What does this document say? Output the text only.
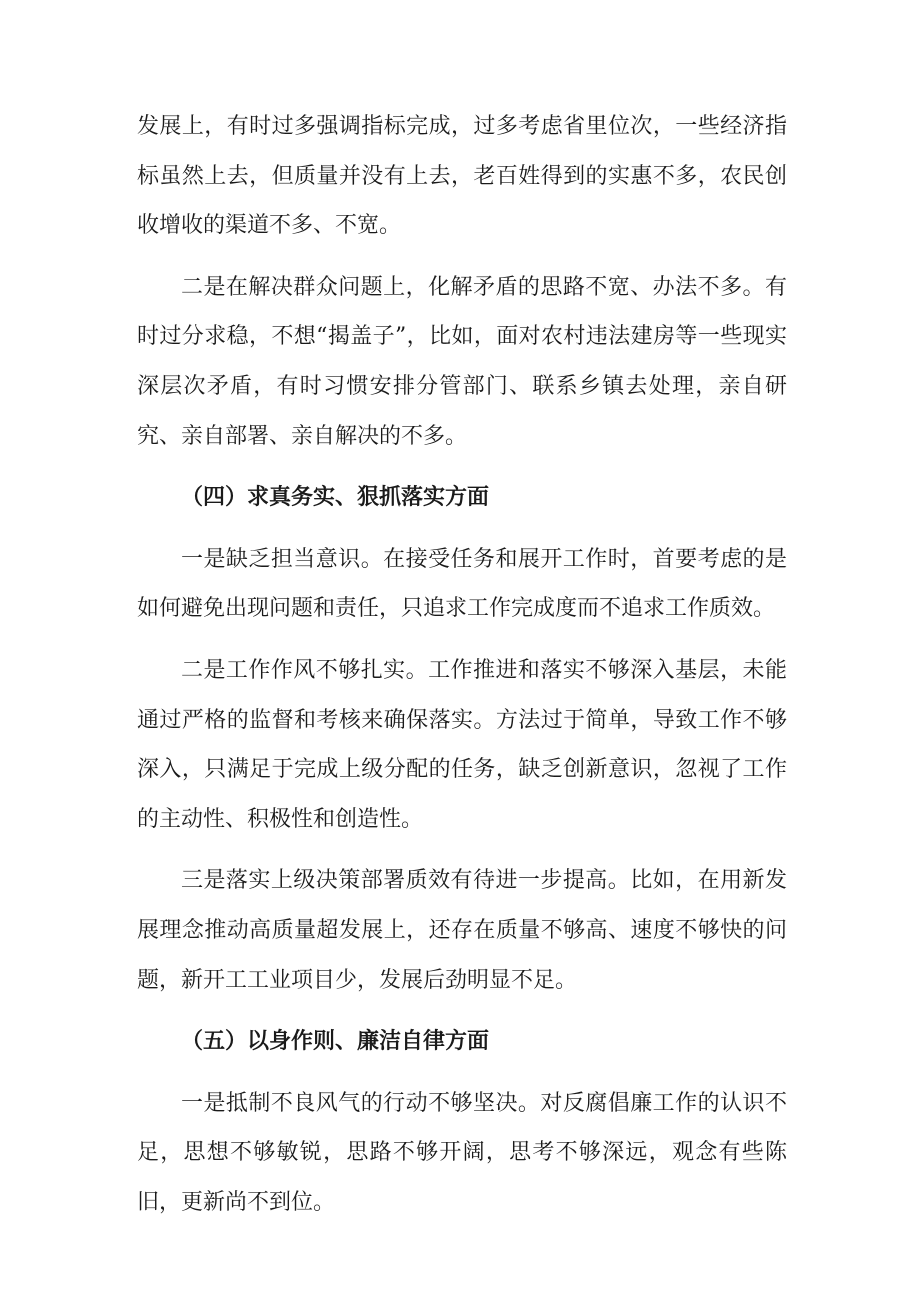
发展上，有时过多强调指标完成，过多考虑省里位次，一些经济指标虽然上去，但质量并没有上去，老百姓得到的实惠不多，农民创收增收的渠道不多、不宽。

二是在解决群众问题上，化解矛盾的思路不宽、办法不多。有时过分求稳，不想“揭盖子”，比如，面对农村违法建房等一些现实深层次矛盾，有时习惯安排分管部门、联系乡镇去处理，亲自研究、亲自部署、亲自解决的不多。

（四）求真务实、狠抓落实方面

一是缺乏担当意识。在接受任务和展开工作时，首要考虑的是如何避免出现问题和责任，只追求工作完成度而不追求工作质效。

二是工作作风不够扎实。工作推进和落实不够深入基层，未能通过严格的监督和考核来确保落实。方法过于简单，导致工作不够深入，只满足于完成上级分配的任务，缺乏创新意识，忽视了工作的主动性、积极性和创造性。

三是落实上级决策部署质效有待进一步提高。比如，在用新发展理念推动高质量超发展上，还存在质量不够高、速度不够快的问题，新开工工业项目少，发展后劲明显不足。

（五）以身作则、廉洁自律方面

一是抵制不良风气的行动不够坚决。对反腐倡廉工作的认识不足，思想不够敏锐，思路不够开阔，思考不够深远，观念有些陈旧，更新尚不到位。
